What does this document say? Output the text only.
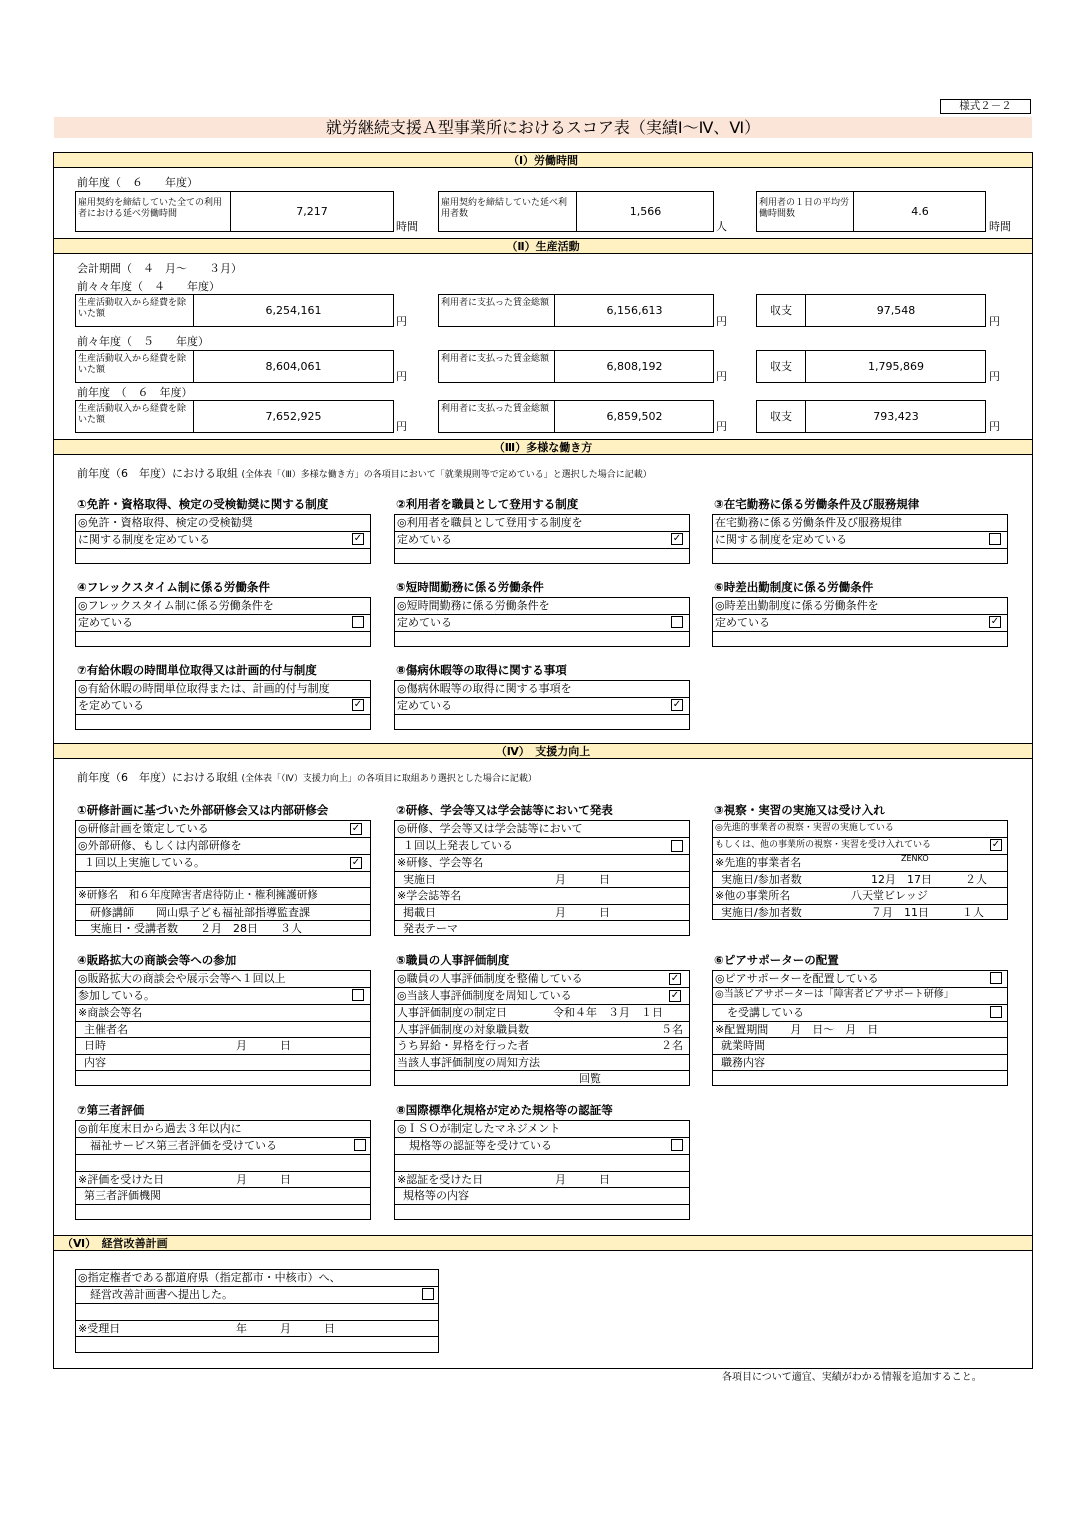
様式２－２
就労継続支援Ａ型事業所におけるスコア表（実績Ⅰ～Ⅳ、Ⅵ）
（Ⅰ）労働時間
前年度（　６　　年度）
雇用契約を締結していた全ての利用者における延べ労働時間	7,217
時間
雇用契約を締結していた延べ利用者数	1,566
人
利用者の１日の平均労働時間数	4.6
時間
（Ⅱ）生産活動
会計期間（　４　月～　　３月）
前々々年度（　４　　年度）
生産活動収入から経費を除いた額	6,254,161
円
利用者に支払った賃金総額
6,156,613
円
収支	97,548
円
前々年度（　５　　年度）
生産活動収入から経費を除いた額	8,604,061
円
利用者に支払った賃金総額
6,808,192
円
収支	1,795,869
円
前年度　（　６　年度）
生産活動収入から経費を除いた額	7,652,925
円
利用者に支払った賃金総額
6,859,502
円
収支	793,423
円
（Ⅲ）多様な働き方
前年度（6　年度）における取組 (全体表「（Ⅲ）多様な働き方」の各項目において「就業規則等で定めている」と選択した場合に記載）
①免許・資格取得、検定の受検勧奨に関する制度
◎免許・資格取得、検定の受検勧奨
に関する制度を定めている	✓
②利用者を職員として登用する制度
◎利用者を職員として登用する制度を
定めている	✓
③在宅勤務に係る労働条件及び服務規律
在宅勤務に係る労働条件及び服務規律
に関する制度を定めている
④フレックスタイム制に係る労働条件
◎フレックスタイム制に係る労働条件を
定めている
⑤短時間勤務に係る労働条件
◎短時間勤務に係る労働条件を
定めている
⑥時差出勤制度に係る労働条件
◎時差出勤制度に係る労働条件を
定めている	✓
⑦有給休暇の時間単位取得又は計画的付与制度
◎有給休暇の時間単位取得または、計画的付与制度
を定めている	✓
⑧傷病休暇等の取得に関する事項
◎傷病休暇等の取得に関する事項を
定めている	✓
（Ⅳ）　支援力向上
前年度（6　年度）における取組 (全体表「（Ⅳ）支援力向上」の各項目に取組あり選択とした場合に記載）
①研修計画に基づいた外部研修会又は内部研修会
◎研修計画を策定している	✓
◎外部研修、もしくは内部研修を
１回以上実施している。	✓
※研修名　和６年度障害者虐待防止・権利擁護研修
研修講師　　岡山県子ども福祉部指導監査課
実施日・受講者数　　２月　28日　　３人
②研修、学会等又は学会誌等において発表
◎研修、学会等又は学会誌等において
１回以上発表している
※研修、学会等名
実施日	月　　　日
※学会誌等名
掲載日	月　　　日
発表テーマ
③視察・実習の実施又は受け入れ
◎先進的事業者の視察・実習の実施している
もしくは、他の事業所の視察・実習を受け入れている	✓
※先進的事業者名	ZENKO
実施日/参加者数	12月　17日　　　２人
※他の事業所名	八天堂ビレッジ
実施日/参加者数	７月　11日　　　１人
④販路拡大の商談会等への参加
◎販路拡大の商談会や展示会等へ１回以上
参加している。
※商談会等名
主催者名
日時	月　　　日
内容
⑤職員の人事評価制度
◎職員の人事評価制度を整備している	✓
◎当該人事評価制度を周知している	✓
人事評価制度の制定日	令和４年　３月　１日
人事評価制度の対象職員数	５名
うち昇給・昇格を行った者	２名
当該人事評価制度の周知方法
回覧
⑥ピアサポーターの配置
◎ピアサポーターを配置している
◎当該ピアサポーターは「障害者ピアサポート研修」
を受講している
※配置期間　　月　日～　月　日
就業時間
職務内容
⑦第三者評価
◎前年度末日から過去３年以内に
福祉サービス第三者評価を受けている
※評価を受けた日	月　　　日
第三者評価機関
⑧国際標準化規格が定めた規格等の認証等
◎ＩＳＯが制定したマネジメント
規格等の認証等を受けている
※認証を受けた日	月　　　日
規格等の内容
（Ⅵ）　経営改善計画
◎指定権者である都道府県（指定都市・中核市）へ、
経営改善計画書へ提出した。
※受理日	年　　　月　　　日
各項目について適宜、実績がわかる情報を追加すること。
